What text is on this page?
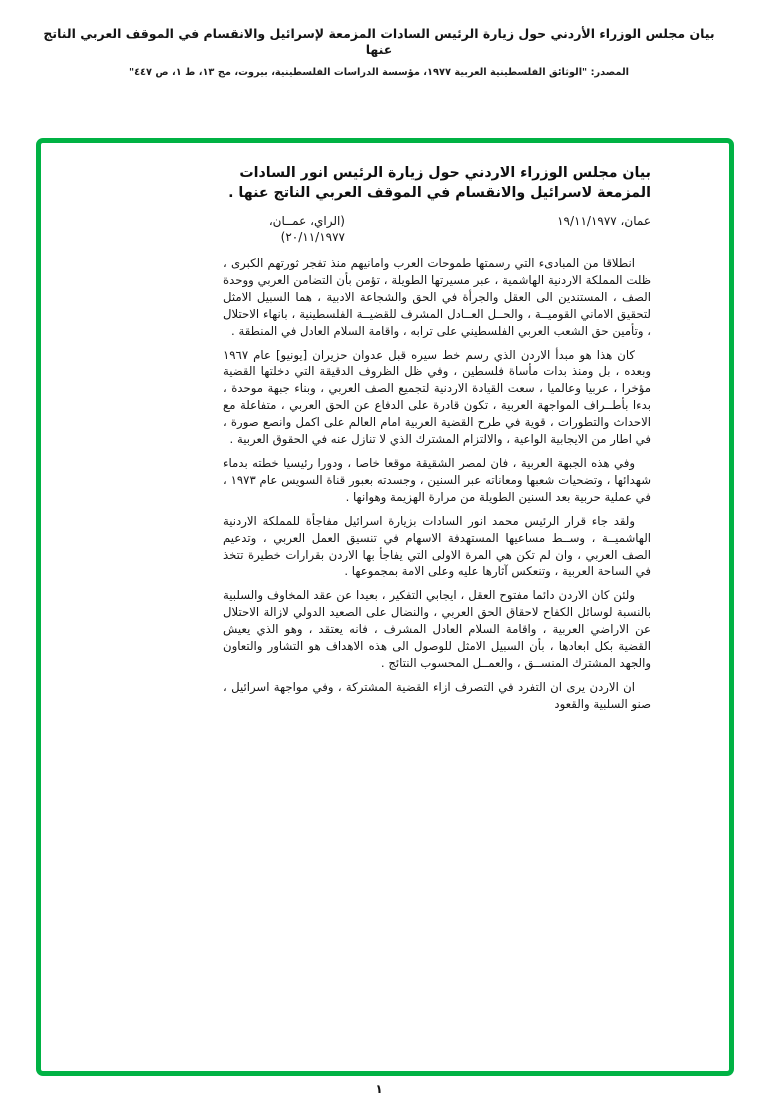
بيان مجلس الوزراء الأردني حول زيارة الرئيس السادات المزمعة لإسرائيل والانقسام في الموقف العربي الناتج عنها
المصدر: "الوثائق الفلسطينية العربية ١٩٧٧، مؤسسة الدراسات الفلسطينية، بيروت، مج ١٣، ط ١، ص ٤٤٧"
بيان مجلس الوزراء الاردني حول زيارة الرئيس انور السادات المزمعة لاسرائيل والانقسام في الموقف العربي الناتج عنها .
عمان، ١٩/١١/١٩٧٧
(الراي، عمــان، ٢٠/١١/١٩٧٧)

انطلاقا من المبادىء التي رسمتها طموحات العرب وامانيهم منذ تفجر ثورتهم الكبرى ، ظلت المملكة الاردنية الهاشمية ، عبر مسيرتها الطويلة ، تؤمن بأن التضامن العربي ووحدة الصف ، المستندين الى العقل والجرأة في الحق والشجاعة الادبية ، هما السبيل الامثل لتحقيق الاماني القوميــة ، والحــل العــادل المشرف للقضيــة الفلسطينية ، بانهاء الاحتلال ، وتأمين حق الشعب العربي الفلسطيني على ترابه ، واقامة السلام العادل في المنطقة .

كان هذا هو مبدأ الاردن الذي رسم خط سيره قبل عدوان حزيران [يونيو] عام ١٩٦٧ وبعده ، بل ومنذ بدات مأساة فلسطين ، وفي ظل الظروف الدقيقة التي دخلتها القضية مؤخرا ، عربيا وعالميا ، سعت القيادة الاردنية لتجميع الصف العربي ، وبناء جبهة موحدة ، بدءا بأطــراف المواجهة العربية ، تكون قادرة على الدفاع عن الحق العربي ، متفاعلة مع الاحداث والتطورات ، قوية في طرح القضية العربية امام العالم على اكمل وانصع صورة ، في اطار من الايجابية الواعية ، والالتزام المشترك الذي لا تنازل عنه في الحقوق العربية .

وفي هذه الجبهة العربية ، فان لمصر الشقيقة موقعا خاصا ، ودورا رئيسيا خطته بدماء شهدائها ، وتضحيات شعبها ومعاناته عبر السنين ، وجسدته بعبور قناة السويس عام ١٩٧٣ ، في عملية حربية بعد السنين الطويلة من مرارة الهزيمة وهوانها .

ولقد جاء قرار الرئيس محمد انور السادات بزيارة اسرائيل مفاجأة للمملكة الاردنية الهاشميــة ، وســط مساعيها المستهدفة الاسهام في تنسيق العمل العربي ، وتدعيم الصف العربي ، وان لم تكن هي المرة الاولى التي يفاجأ بها الاردن بقرارات خطيرة تتخذ في الساحة العربية ، وتنعكس آثارها عليه وعلى الامة بمجموعها .

ولئن كان الاردن دائما مفتوح العقل ، ايجابي التفكير ، بعيدا عن عقد المخاوف والسلبية بالنسبة لوسائل الكفاح لاحقاق الحق العربي ، والنضال على الصعيد الدولي لازالة الاحتلال عن الاراضي العربية ، واقامة السلام العادل المشرف ، فانه يعتقد ، وهو الذي يعيش القضية بكل ابعادها ، بأن السبيل الامثل للوصول الى هذه الاهداف هو التشاور والتعاون والجهد المشترك المنســق ، والعمــل المحسوب النتائج .

ان الاردن يرى ان التفرد في التصرف ازاء القضية المشتركة ، وفي مواجهة اسرائيل ، صنو السلبية والقعود

١
